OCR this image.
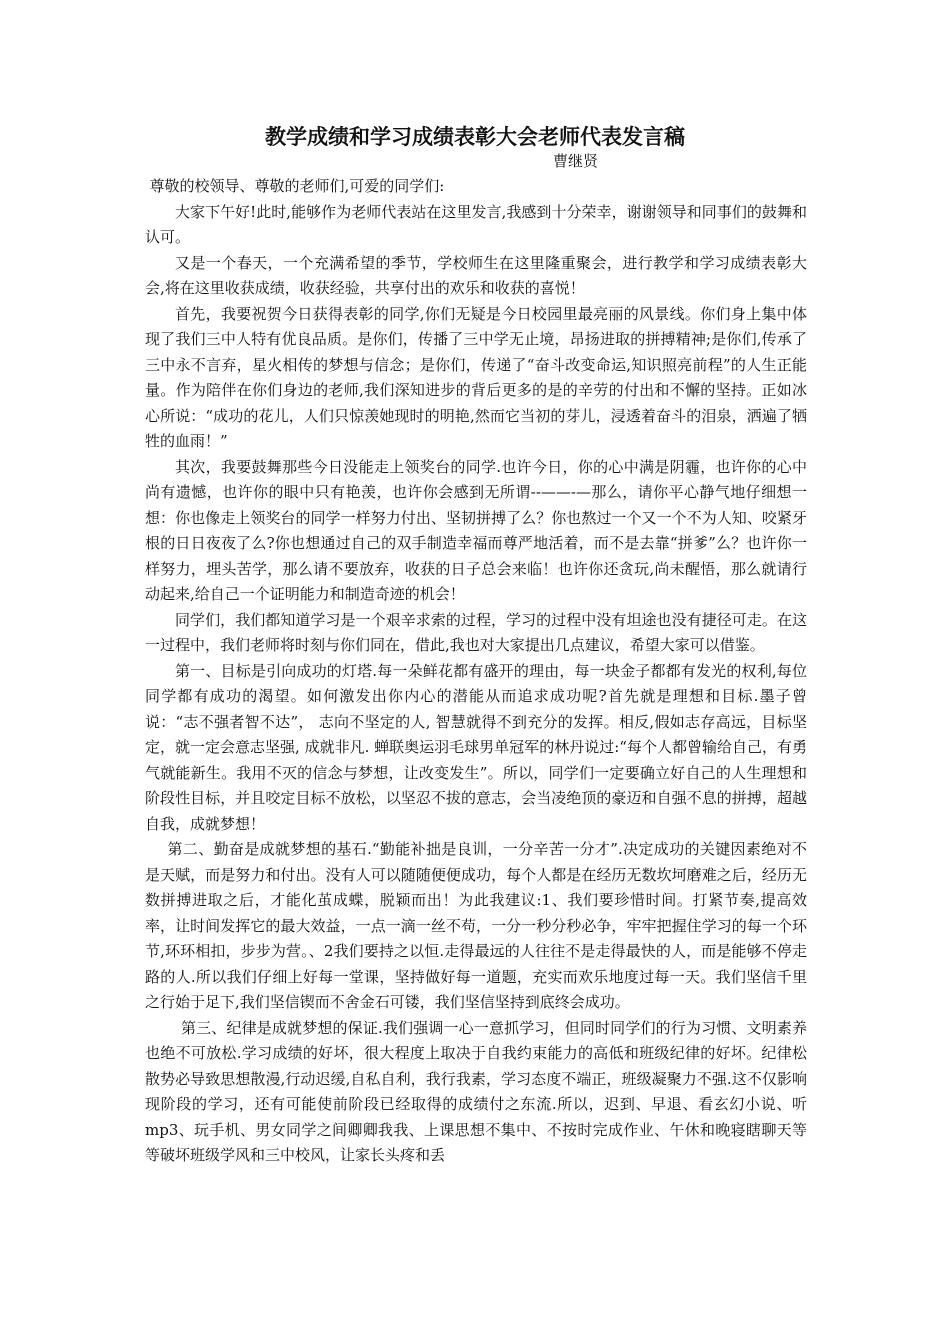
教学成绩和学习成绩表彰大会老师代表发言稿
曹继贤

尊敬的校领导、尊敬的老师们,可爱的同学们:

大家下午好!此时,能够作为老师代表站在这里发言,我感到十分荣幸，谢谢领导和同事们的鼓舞和认可。

又是一个春天，一个充满希望的季节，学校师生在这里隆重聚会，进行教学和学习成绩表彰大会,将在这里收获成绩，收获经验，共享付出的欢乐和收获的喜悦！

首先，我要祝贺今日获得表彰的同学,你们无疑是今日校园里最亮丽的风景线。你们身上集中体现了我们三中人特有优良品质。是你们，传播了三中学无止境，昂扬进取的拼搏精神;是你们,传承了三中永不言弃，星火相传的梦想与信念；是你们，传递了“奋斗改变命运,知识照亮前程”的人生正能量。作为陪伴在你们身边的老师,我们深知进步的背后更多的是的辛劳的付出和不懈的坚持。正如冰心所说：“成功的花儿，人们只惊羡她现时的明艳,然而它当初的芽儿，浸透着奋斗的泪泉，洒遍了牺牲的血雨！”

其次，我要鼓舞那些今日没能走上领奖台的同学.也许今日，你的心中满是阴霾，也许你的心中尚有遗憾，也许你的眼中只有艳羡，也许你会感到无所谓--——-—那么，请你平心静气地仔细想一想：你也像走上领奖台的同学一样努力付出、坚韧拼搏了么？你也熬过一个又一个不为人知、咬紧牙根的日日夜夜了么?你也想通过自己的双手制造幸福而尊严地活着，而不是去靠“拼爹”么？也许你一样努力，埋头苦学，那么请不要放弃，收获的日子总会来临！也许你还贪玩,尚未醒悟，那么就请行动起来,给自己一个证明能力和制造奇迹的机会！

同学们，我们都知道学习是一个艰辛求索的过程，学习的过程中没有坦途也没有捷径可走。在这一过程中，我们老师将时刻与你们同在，借此,我也对大家提出几点建议，希望大家可以借鉴。

第一、目标是引向成功的灯塔.每一朵鲜花都有盛开的理由，每一块金子都都有发光的权利,每位同学都有成功的渴望。如何激发出你内心的潜能从而追求成功呢?首先就是理想和目标.墨子曾说：“志不强者智不达”， 志向不坚定的人, 智慧就得不到充分的发挥。相反,假如志存高远，目标坚定，就一定会意志坚强, 成就非凡. 蝉联奥运羽毛球男单冠军的林丹说过:“每个人都曾输给自己，有勇气就能新生。我用不灭的信念与梦想，让改变发生”。所以，同学们一定要确立好自己的人生理想和阶段性目标，并且咬定目标不放松，以坚忍不拔的意志，会当凌绝顶的豪迈和自强不息的拼搏，超越自我，成就梦想！

第二、勤奋是成就梦想的基石.“勤能补拙是良训，一分辛苦一分才”.决定成功的关键因素绝对不是天赋，而是努力和付出。没有人可以随随便便成功，每个人都是在经历无数坎坷磨难之后，经历无数拼搏进取之后，才能化茧成蝶，脱颖而出！为此我建议:1、我们要珍惜时间。打紧节奏,提高效率，让时间发挥它的最大效益，一点一滴一丝不苟，一分一秒分秒必争，牢牢把握住学习的每一个环节,环环相扣，步步为营。、2我们要持之以恒.走得最远的人往往不是走得最快的人，而是能够不停走路的人.所以我们仔细上好每一堂课，坚持做好每一道题，充实而欢乐地度过每一天。我们坚信千里之行始于足下,我们坚信锲而不舍金石可镂，我们坚信坚持到底终会成功。

第三、纪律是成就梦想的保证.我们强调一心一意抓学习，但同时同学们的行为习惯、文明素养也绝不可放松.学习成绩的好坏，很大程度上取决于自我约束能力的高低和班级纪律的好坏。纪律松散势必导致思想散漫,行动迟缓,自私自利，我行我素，学习态度不端正，班级凝聚力不强.这不仅影响现阶段的学习，还有可能使前阶段已经取得的成绩付之东流.所以，迟到、早退、看玄幻小说、听 mp3、玩手机、男女同学之间卿卿我我、上课思想不集中、不按时完成作业、午休和晚寝瞎聊天等等破坏班级学风和三中校风，让家长头疼和丢
